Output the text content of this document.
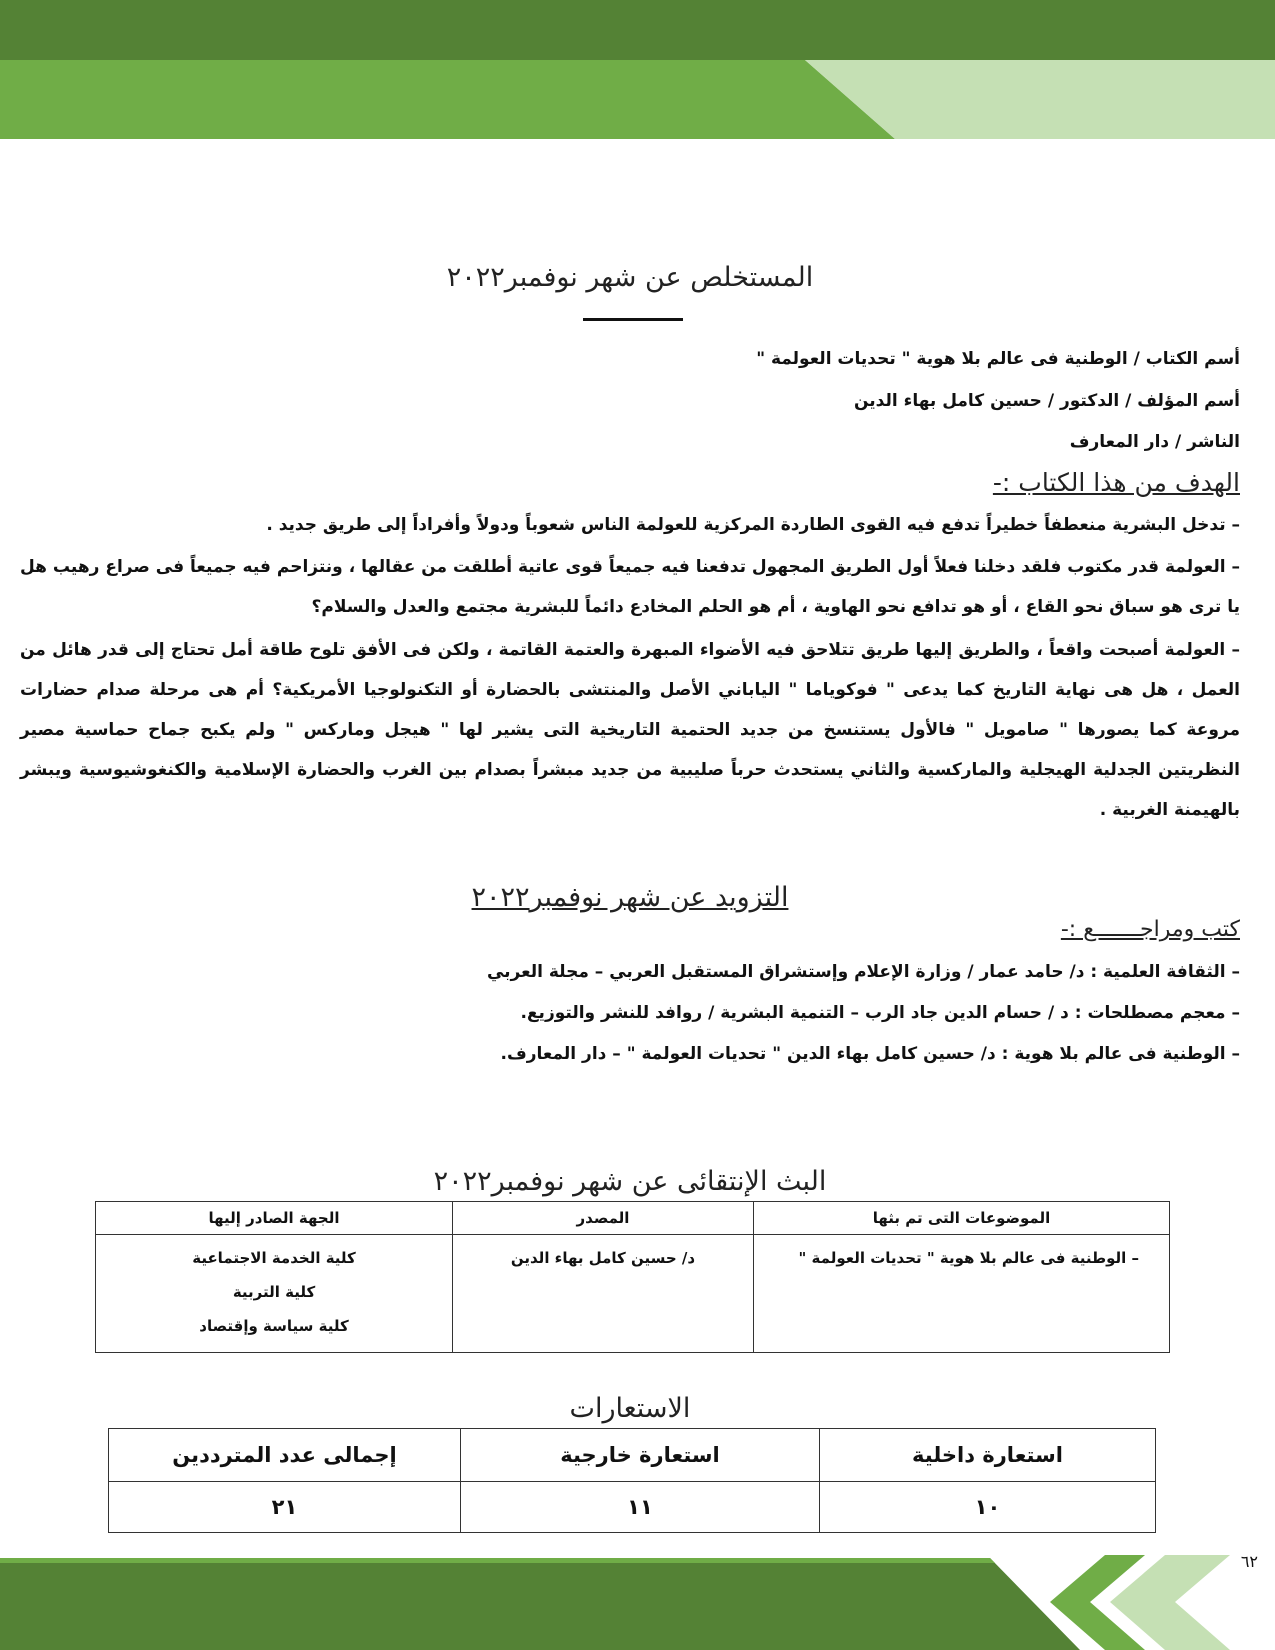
المستخلص عن شهر نوفمبر٢٠٢٢
أسم الكتاب / الوطنية فى عالم بلا هوية " تحديات العولمة "
أسم المؤلف / الدكتور / حسين كامل بهاء الدين
الناشر / دار المعارف
الهدف من هذا الكتاب :-
– تدخل البشرية منعطفاً خطيراً تدفع فيه القوى الطاردة المركزية للعولمة الناس شعوباً ودولاً وأفراداً إلى طريق جديد .
– العولمة قدر مكتوب فلقد دخلنا فعلاً أول الطريق المجهول تدفعنا فيه جميعاً قوى عاتية أطلقت من عقالها ، ونتزاحم فيه جميعاً فى صراع رهيب هل يا ترى هو سباق نحو القاع ، أو هو تدافع نحو الهاوية ، أم هو الحلم المخادع دائماً للبشرية مجتمع والعدل والسلام؟
– العولمة أصبحت واقعاً ، والطريق إليها طريق تتلاحق فيه الأضواء المبهرة والعتمة القاتمة ، ولكن فى الأفق تلوح طاقة أمل تحتاج إلى قدر هائل من العمل ، هل هى نهاية التاريخ كما يدعى " فوكوياما " الياباني الأصل والمنتشى بالحضارة أو التكنولوجيا الأمريكية؟ أم هى مرحلة صدام حضارات مروعة كما يصورها " صامويل " فالأول يستنسخ من جديد الحتمية التاريخية التى يشير لها " هيجل وماركس " ولم يكبح جماح حماسية مصير النظريتين الجدلية الهيجلية والماركسية والثاني يستحدث حرباً صليبية من جديد مبشراً بصدام بين الغرب والحضارة الإسلامية والكنغوشيوسية ويبشر بالهيمنة الغربية .
التزويد عن شهر نوفمبر٢٠٢٢
كتب ومراجـــــــع :-
– الثقافة العلمية : د/ حامد عمار / وزارة الإعلام وإستشراق المستقبل العربي – مجلة العربي
– معجم مصطلحات : د / حسام الدين جاد الرب – التنمية البشرية / روافد للنشر والتوزيع.
– الوطنية فى عالم بلا هوية : د/ حسين كامل بهاء الدين " تحديات العولمة " – دار المعارف.
البث الإنتقائى عن شهر نوفمبر٢٠٢٢
الموضوعات التى تم بثها	المصدر	الجهة الصادر إليها
– الوطنية فى عالم بلا هوية " تحديات العولمة "	د/ حسين كامل بهاء الدين	كلية الخدمة الاجتماعية
كلية التربية
كلية سياسة وإقتصاد
الاستعارات
استعارة داخلية	استعارة خارجية	إجمالى عدد المترددين
١٠	١١	٢١
٦٢
